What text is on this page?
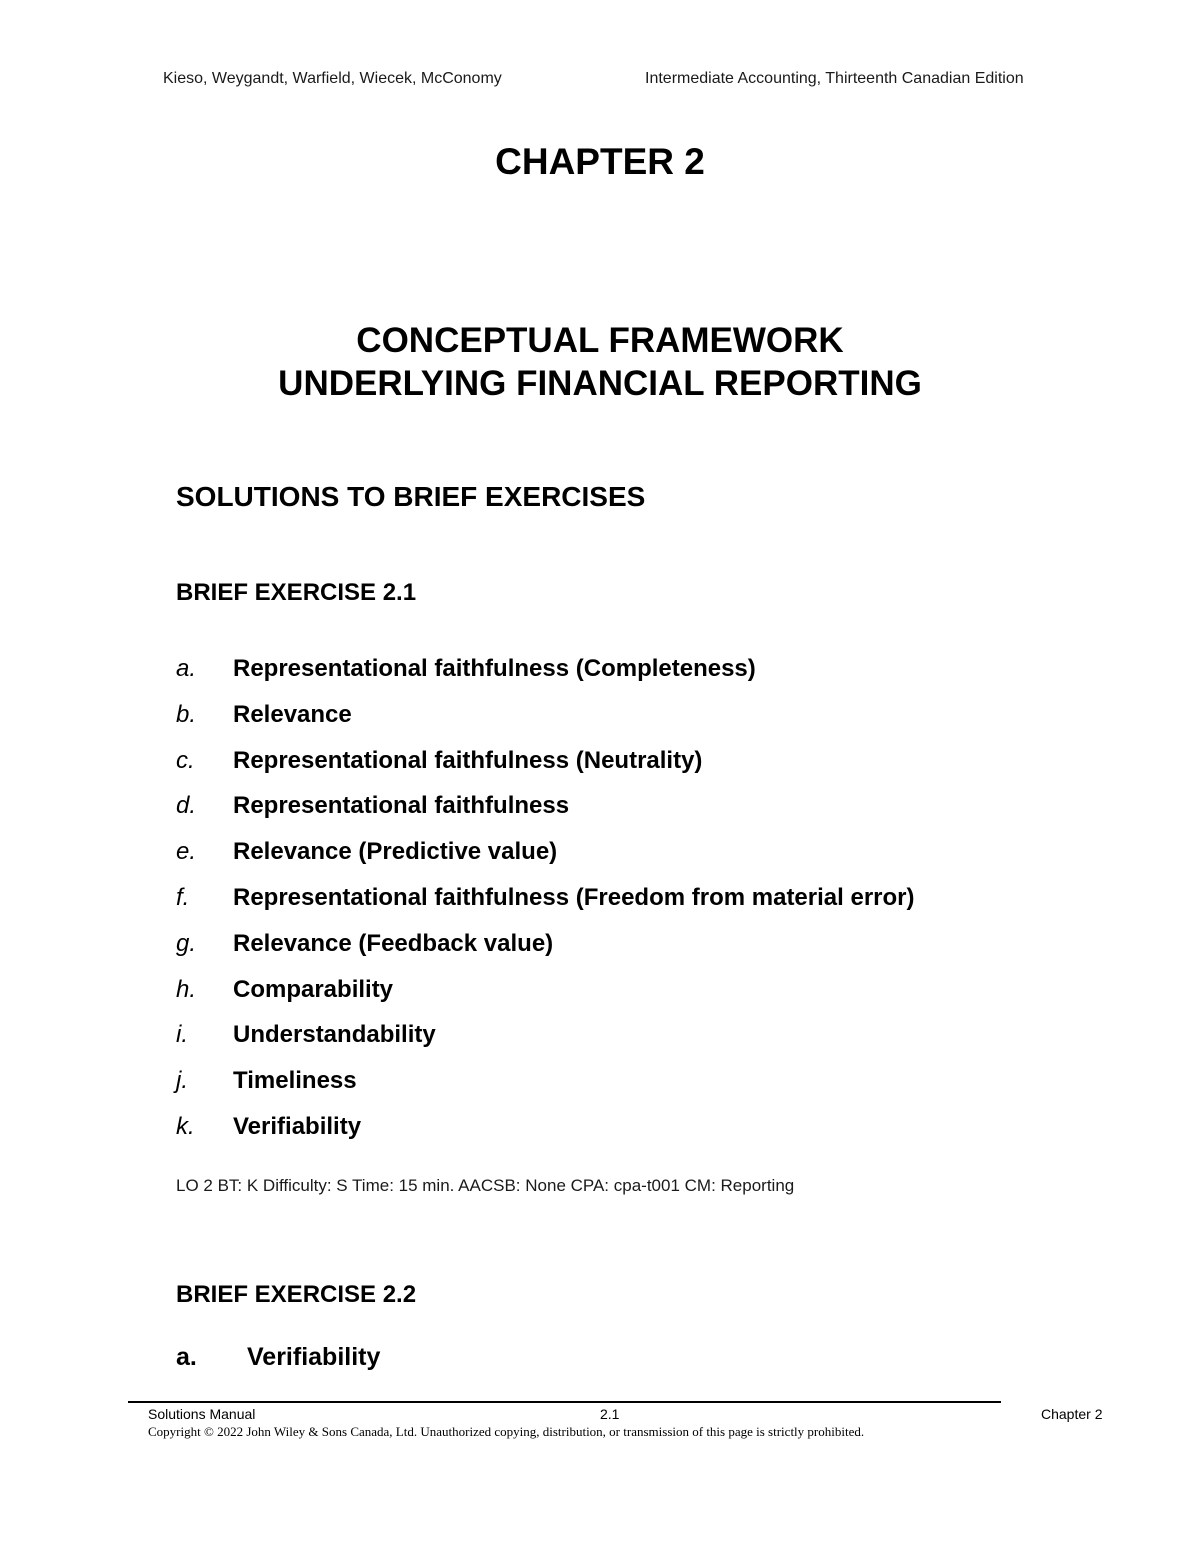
Kieso, Weygandt, Warfield, Wiecek, McConomy	Intermediate Accounting, Thirteenth Canadian Edition
CHAPTER 2
CONCEPTUAL FRAMEWORK
UNDERLYING FINANCIAL REPORTING
SOLUTIONS TO BRIEF EXERCISES
BRIEF EXERCISE 2.1
a. Representational faithfulness (Completeness)
b. Relevance
c. Representational faithfulness (Neutrality)
d. Representational faithfulness
e. Relevance (Predictive value)
f. Representational faithfulness (Freedom from material error)
g. Relevance (Feedback value)
h. Comparability
i. Understandability
j. Timeliness
k. Verifiability
LO 2 BT: K Difficulty: S Time: 15 min. AACSB: None CPA: cpa-t001 CM: Reporting
BRIEF EXERCISE 2.2
a. Verifiability
Solutions Manual	2.1	Chapter 2
Copyright © 2022 John Wiley & Sons Canada, Ltd. Unauthorized copying, distribution, or transmission of this page is strictly prohibited.
